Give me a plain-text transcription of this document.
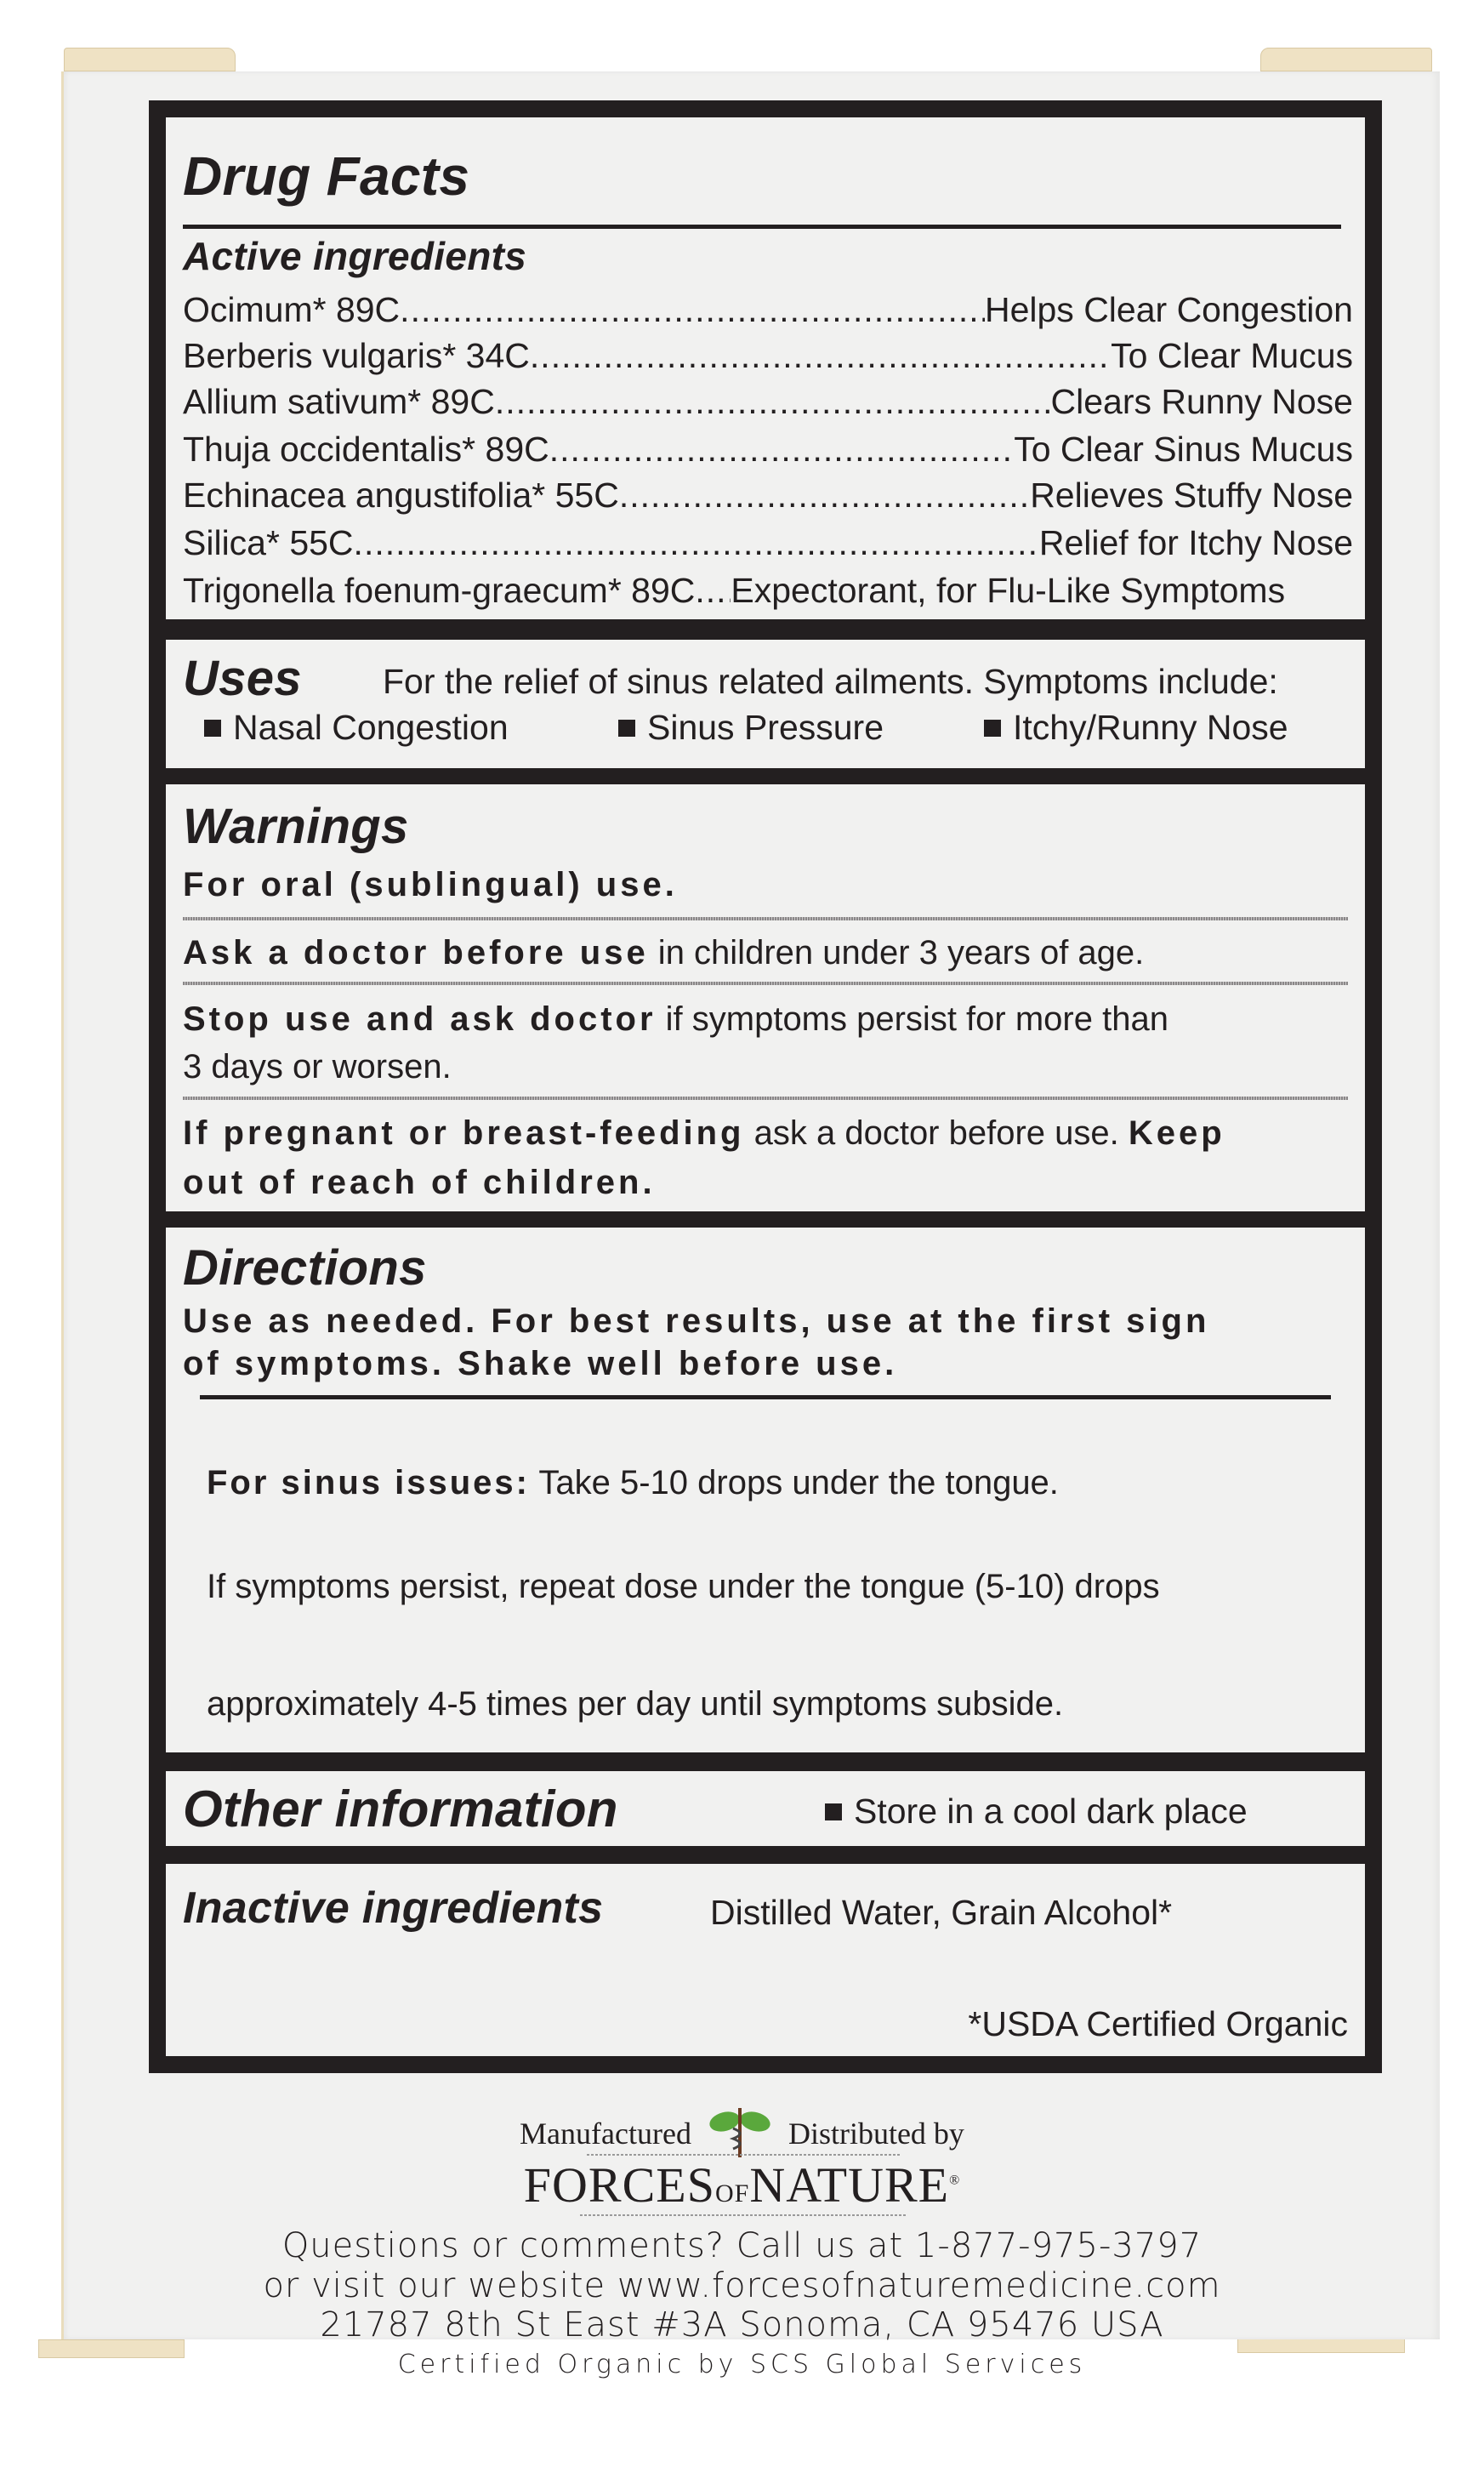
Drug Facts
Active ingredients
Ocimum* 89C .....	Helps Clear Congestion
Berberis vulgaris* 34C .....	To Clear Mucus
Allium sativum* 89C .....	Clears Runny Nose
Thuja occidentalis* 89C .....	To Clear Sinus Mucus
Echinacea angustifolia* 55C .....	Relieves Stuffy Nose
Silica* 55C .....	Relief for Itchy Nose
Trigonella foenum-graecum* 89C ..... Expectorant, for Flu-Like Symptoms
Uses For the relief of sinus related ailments. Symptoms include:
Nasal Congestion	Sinus Pressure	Itchy/Runny Nose
Warnings
For oral (sublingual) use.
Ask a doctor before use in children under 3 years of age.
Stop use and ask doctor if symptoms persist for more than
3 days or worsen.
If pregnant or breast-feeding ask a doctor before use. Keep
out of reach of children.
Directions
Use as needed. For best results, use at the first sign
of symptoms. Shake well before use.
For sinus issues: Take 5-10 drops under the tongue.
If symptoms persist, repeat dose under the tongue (5-10) drops
approximately 4-5 times per day until symptoms subside.
Other information	Store in a cool dark place
Inactive ingredients	Distilled Water, Grain Alcohol*
*USDA Certified Organic
Manufactured	Distributed by
FORCESOFNATURE®
Questions or comments? Call us at 1-877-975-3797
or visit our website www.forcesofnaturemedicine.com
21787 8th St East #3A Sonoma, CA 95476 USA
Certified Organic by SCS Global Services
